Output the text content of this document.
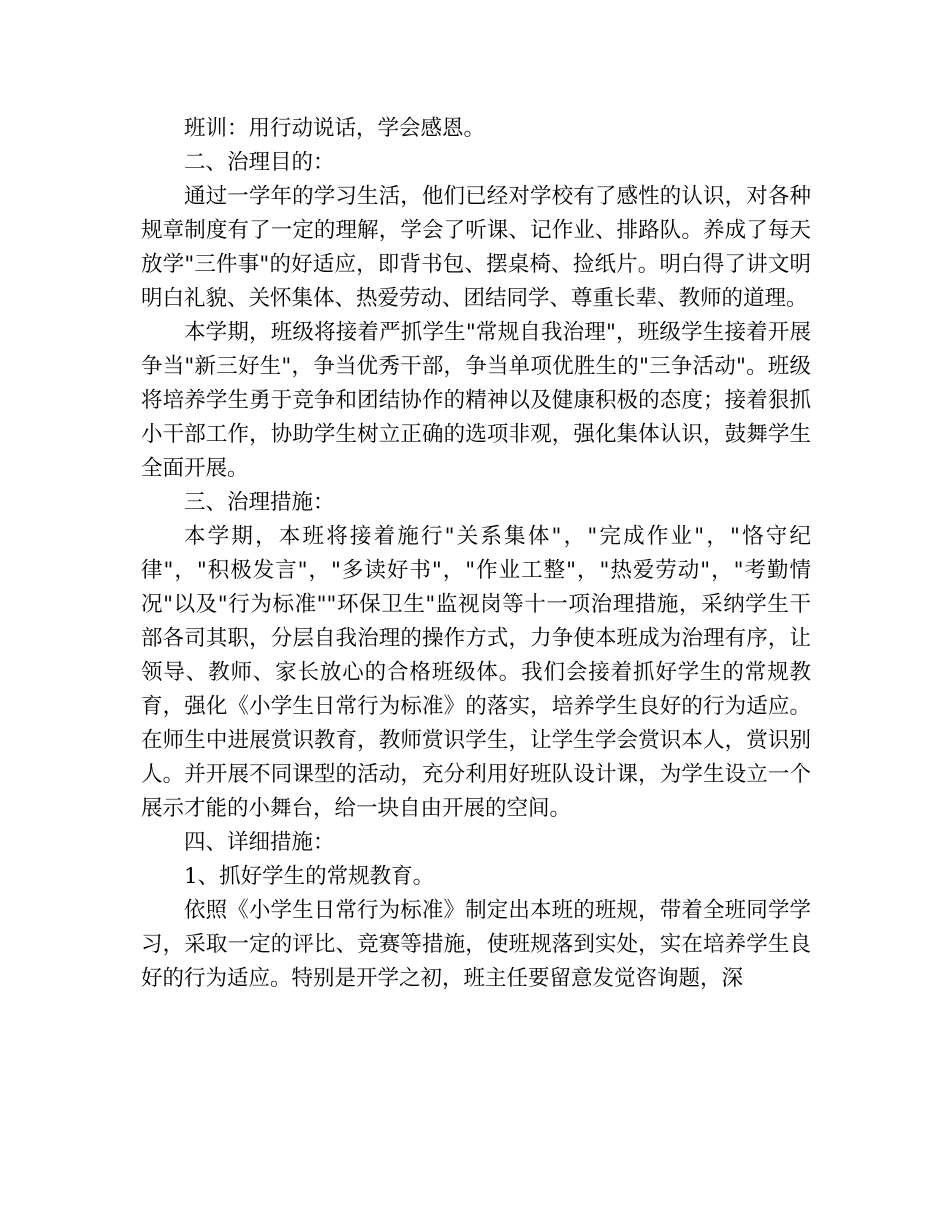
班训：用行动说话，学会感恩。

二、治理目的：

通过一学年的学习生活，他们已经对学校有了感性的认识，对各种规章制度有了一定的理解，学会了听课、记作业、排路队。养成了每天放学"三件事"的好适应，即背书包、摆桌椅、捡纸片。明白得了讲文明明白礼貌、关怀集体、热爱劳动、团结同学、尊重长辈、教师的道理。

本学期，班级将接着严抓学生"常规自我治理"，班级学生接着开展争当"新三好生"，争当优秀干部，争当单项优胜生的"三争活动"。班级将培养学生勇于竞争和团结协作的精神以及健康积极的态度；接着狠抓小干部工作，协助学生树立正确的选项非观，强化集体认识，鼓舞学生全面开展。

三、治理措施：

本学期，本班将接着施行"关系集体"，"完成作业"，"恪守纪律"，"积极发言"，"多读好书"，"作业工整"，"热爱劳动"，"考勤情况"以及"行为标准""环保卫生"监视岗等十一项治理措施，采纳学生干部各司其职，分层自我治理的操作方式，力争使本班成为治理有序，让领导、教师、家长放心的合格班级体。我们会接着抓好学生的常规教育，强化《小学生日常行为标准》的落实，培养学生良好的行为适应。在师生中进展赏识教育，教师赏识学生，让学生学会赏识本人，赏识别人。并开展不同课型的活动，充分利用好班队设计课，为学生设立一个展示才能的小舞台，给一块自由开展的空间。

四、详细措施：

1、抓好学生的常规教育。

依照《小学生日常行为标准》制定出本班的班规，带着全班同学学习，采取一定的评比、竞赛等措施，使班规落到实处，实在培养学生良好的行为适应。特别是开学之初，班主任要留意发觉咨询题，深
